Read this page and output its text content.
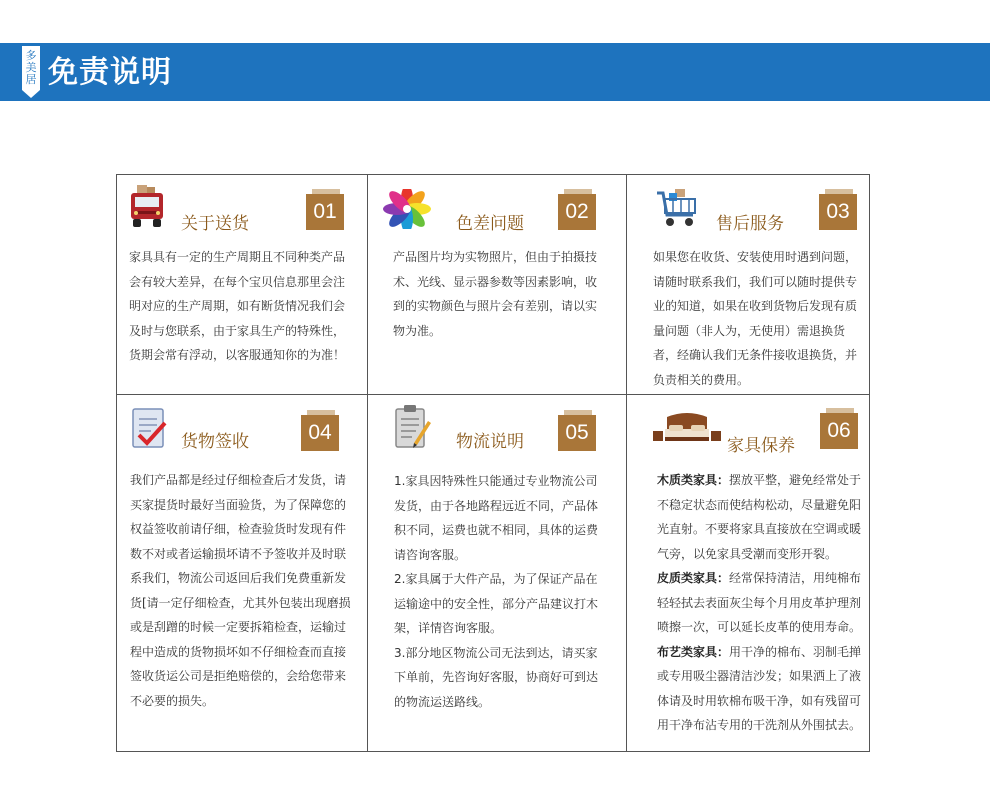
多美居 免责说明
关于送货
01

家具具有一定的生产周期且不同种类产品会有较大差异，在每个宝贝信息那里会注明对应的生产周期，如有断货情况我们会及时与您联系，由于家具生产的特殊性，货期会常有浮动，以客服通知你的为准！

色差问题
02

产品图片均为实物照片，但由于拍摄技术、光线、显示器参数等因素影响，收到的实物颜色与照片会有差别，请以实物为准。

售后服务
03

如果您在收货、安装使用时遇到问题，请随时联系我们，我们可以随时提供专业的知道，如果在收到货物后发现有质量问题（非人为，无使用）需退换货者，经确认我们无条件接收退换货，并负责相关的费用。

货物签收	04

我们产品都是经过仔细检查后才发货，请买家提货时最好当面验货，为了保障您的权益签收前请仔细，检查验货时发现有件数不对或者运输损坏请不予签收并及时联系我们，物流公司返回后我们免费重新发货[请一定仔细检查，尤其外包装出现磨损或是刮蹭的时候一定要拆箱检查，运输过程中造成的货物损坏如不仔细检查而直接签收货运公司是拒绝赔偿的，会给您带来不必要的损失。

物流说明	05

1.家具因特殊性只能通过专业物流公司发货，由于各地路程远近不同，产品体积不同，运费也就不相同，具体的运费请咨询客服。

2.家具属于大件产品，为了保证产品在运输途中的安全性，部分产品建议打木架，详情咨询客服。

3.部分地区物流公司无法到达，请买家下单前，先咨询好客服，协商好可到达的物流运送路线。

家具保养
06

木质类家具：摆放平整，避免经常处于不稳定状态而使结构松动，尽量避免阳光直射。不要将家具直接放在空调或暖气旁，以免家具受潮而变形开裂。

皮质类家具：经常保持清洁，用纯棉布轻轻拭去表面灰尘每个月用皮革护理剂喷擦一次，可以延长皮革的使用寿命。

布艺类家具：用干净的棉布、羽制毛掸或专用吸尘器清洁沙发；如果洒上了液体请及时用软棉布吸干净，如有残留可用干净布沾专用的干洗剂从外围拭去。
